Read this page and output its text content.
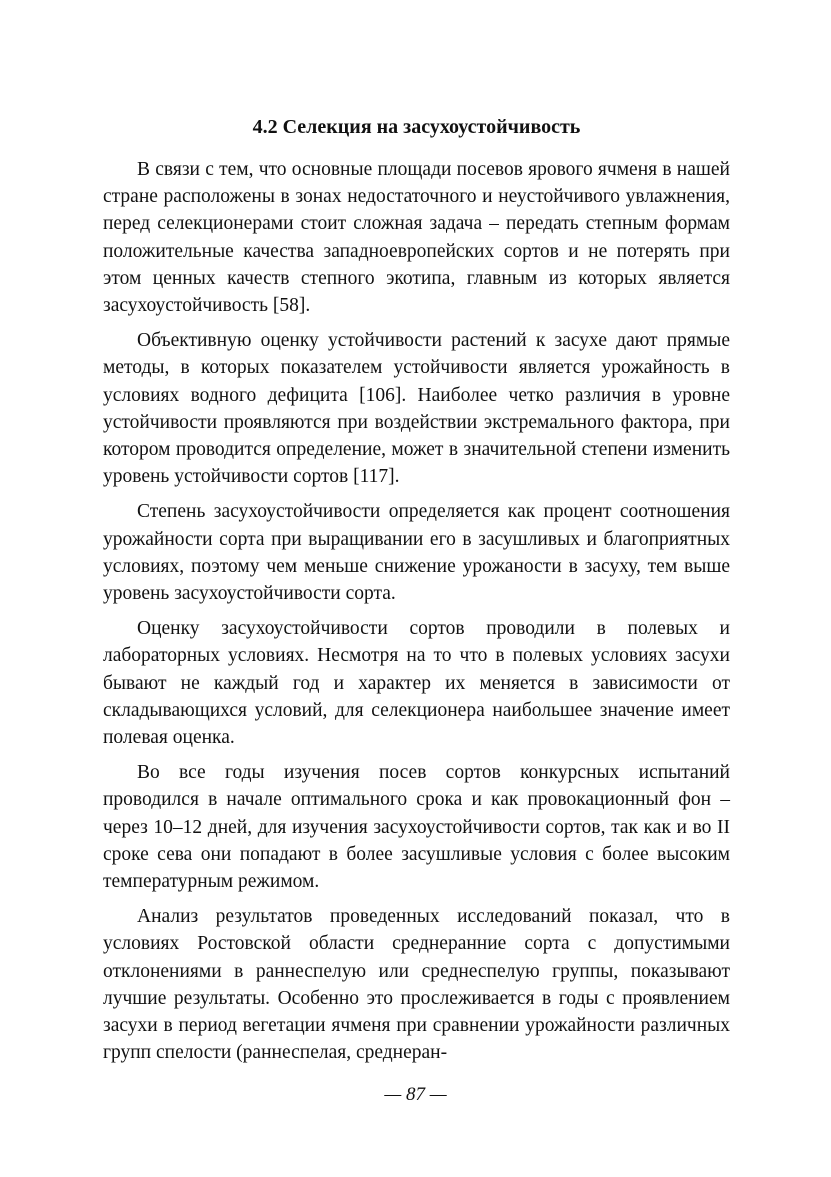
4.2 Селекция на засухоустойчивость

В связи с тем, что основные площади посевов ярового ячменя в нашей стране расположены в зонах недостаточного и неустойчивого увлажнения, перед селекционерами стоит сложная задача – передать степным формам положительные качества западноевропейских сортов и не потерять при этом ценных качеств степного экотипа, главным из которых является засухоустойчивость [58].

Объективную оценку устойчивости растений к засухе дают прямые методы, в которых показателем устойчивости является урожайность в условиях водного дефицита [106]. Наиболее четко различия в уровне устойчивости проявляются при воздействии экстремального фактора, при котором проводится определение, может в значительной степени изменить уровень устойчивости сортов [117].

Степень засухоустойчивости определяется как процент соотношения урожайности сорта при выращивании его в засушливых и благоприятных условиях, поэтому чем меньше снижение урожаности в засуху, тем выше уровень засухоустойчивости сорта.

Оценку засухоустойчивости сортов проводили в полевых и лабораторных условиях. Несмотря на то что в полевых условиях засухи бывают не каждый год и характер их меняется в зависимости от складывающихся условий, для селекционера наибольшее значение имеет полевая оценка.

Во все годы изучения посев сортов конкурсных испытаний проводился в начале оптимального срока и как провокационный фон – через 10–12 дней, для изучения засухоустойчивости сортов, так как и во II сроке сева они попадают в более засушливые условия с более высоким температурным режимом.

Анализ результатов проведенных исследований показал, что в условиях Ростовской области среднеранние сорта с допустимыми отклонениями в раннеспелую или среднеспелую группы, показывают лучшие результаты. Особенно это прослеживается в годы с проявлением засухи в период вегетации ячменя при сравнении урожайности различных групп спелости (раннеспелая, среднеран-

— 87 —
